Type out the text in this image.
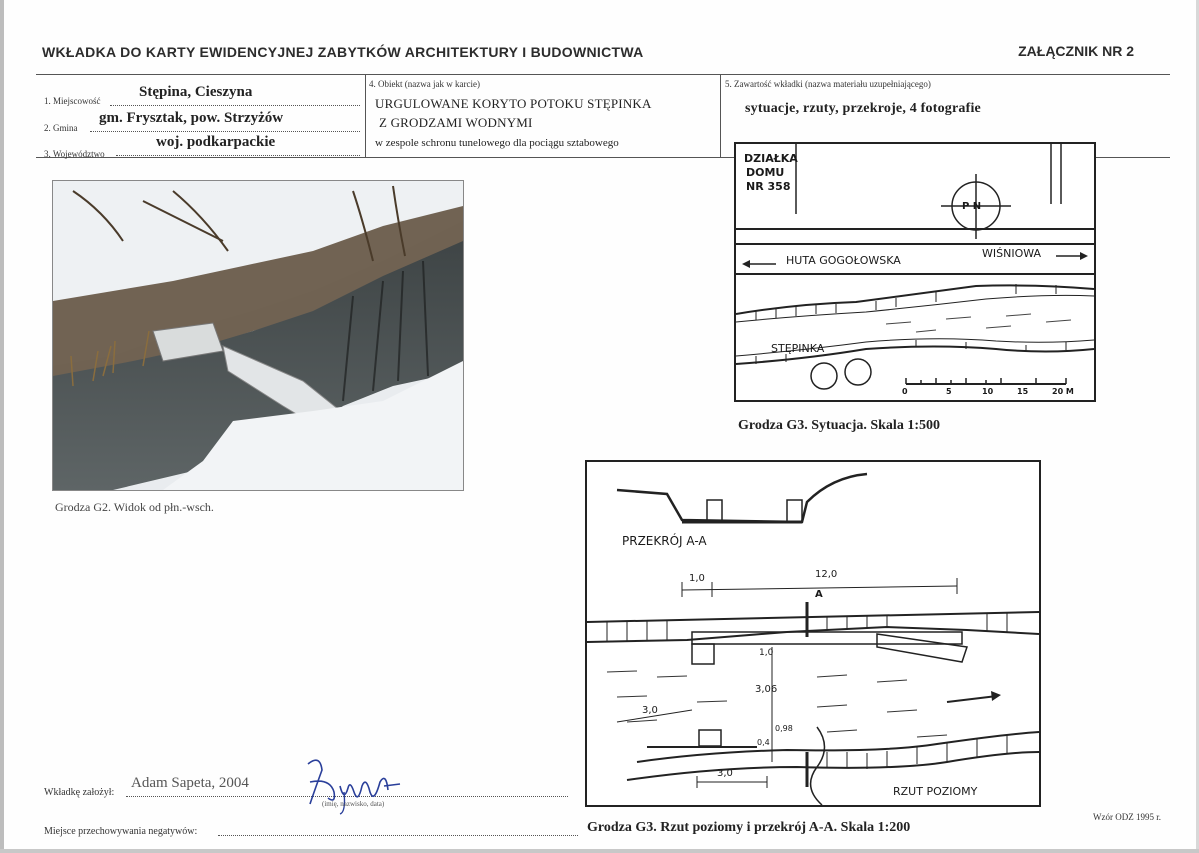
WKŁADKA DO KARTY EWIDENCYJNEJ ZABYTKÓW ARCHITEKTURY I BUDOWNICTWA	ZAŁĄCZNIK NR 2
1. Miejscowość
Stępina, Cieszyna
2. Gmina
gm. Frysztak, pow. Strzyżów
3. Województwo
woj. podkarpackie
4. Obiekt (nazwa jak w karcie)
URGULOWANE KORYTO POTOKU STĘPINKA
Z GRODZAMI WODNYMI
w zespole schronu tunelowego dla pociągu sztabowego
5. Zawartość wkładki (nazwa materiału uzupełniającego)
sytuacje, rzuty, przekroje, 4 fotografie
Grodza G2. Widok od płn.-wsch.
DZIAŁKA
DOMU
NR 358
P N
HUTA GOGOŁOWSKA
WIŚNIOWA
STĘPINKA
0	5	10	15	20 M
Grodza G3. Sytuacja. Skala 1:500
PRZEKRÓJ A-A
1,0	12,0
A
1,0
3,06
0,98
0,4
3,0
3,0
RZUT POZIOMY
Grodza G3. Rzut poziomy i przekrój A-A. Skala 1:200
Wkładkę założył:
Adam Sapeta, 2004
(imię, nazwisko, data)
Miejsce przechowywania negatywów:
Wzór ODZ 1995 r.
